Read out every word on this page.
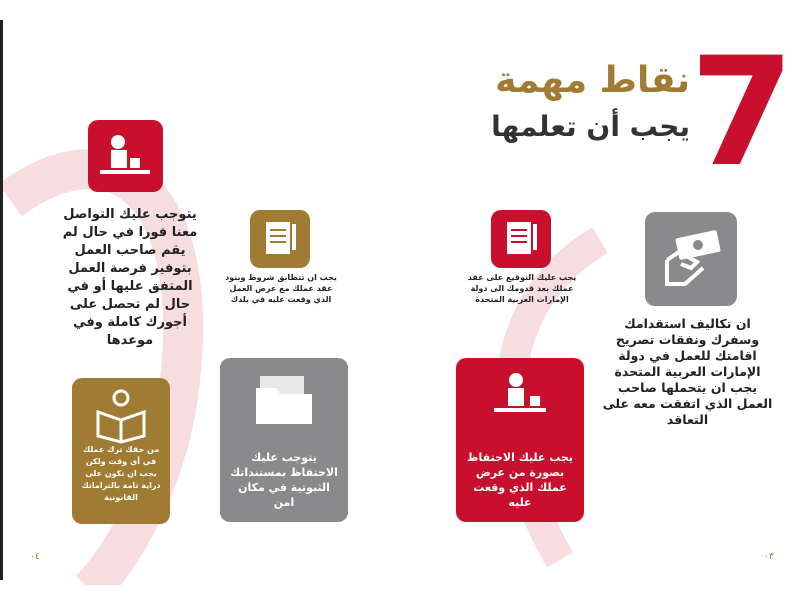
7
نقاط مهمة
يجب أن تعلمها
ان تكاليف استقدامك وسفرك ونفقات تصريح اقامتك للعمل في دولة الإمارات العربية المتحدة يجب ان يتحملها صاحب العمل الذي اتفقت معه على التعاقد
يجب عليك التوقيع على عقد عملك بعد قدومك الى دولة الإمارات العربية المتحدة
يجب ان تتطابق شروط وبنود عقد عملك مع عرض العمل الذي وقعت عليه في بلدك
يتوجب عليك التواصل معنا فورا في حال لم يقم صاحب العمل بتوفير فرصة العمل المتفق عليها أو في حال لم تحصل على أجورك كاملة وفي موعدها
يجب عليك الاحتفاظ بصورة من عرض عملك الذي وقعت عليه
يتوجب عليك الاحتفاظ بمستنداتك الثبوتية في مكان امن
من حقك ترك عملك في أي وقت ولكن يجب ان تكون على دراية تامة بالتزاماتك القانونية
٠٤	٠٣
